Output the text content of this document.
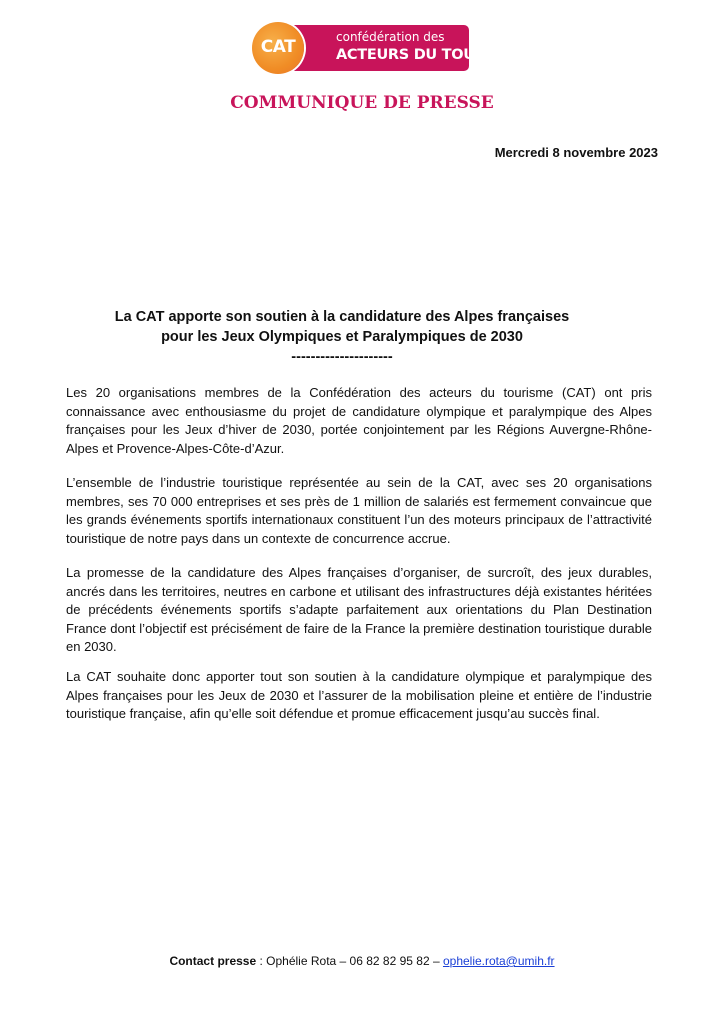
confédération des
ACTEURS DU TOURISME
CAT
COMMUNIQUE DE PRESSE
Mercredi 8 novembre 2023
La CAT apporte son soutien à la candidature des Alpes françaises
pour les Jeux Olympiques et Paralympiques de 2030
---------------------

Les 20 organisations membres de la Confédération des acteurs du tourisme (CAT) ont pris connaissance avec enthousiasme du projet de candidature olympique et paralympique des Alpes françaises pour les Jeux d’hiver de 2030, portée conjointement par les Régions Auvergne-Rhône-Alpes et Provence-Alpes-Côte-d’Azur.

L’ensemble de l’industrie touristique représentée au sein de la CAT, avec ses 20 organisations membres, ses 70 000 entreprises et ses près de 1 million de salariés est fermement convaincue que les grands événements sportifs internationaux constituent l’un des moteurs principaux de l’attractivité touristique de notre pays dans un contexte de concurrence accrue.

La promesse de la candidature des Alpes françaises d’organiser, de surcroît, des jeux durables, ancrés dans les territoires, neutres en carbone et utilisant des infrastructures déjà existantes héritées de précédents événements sportifs s’adapte parfaitement aux orientations du Plan Destination France dont l’objectif est précisément de faire de la France la première destination touristique durable en 2030.

La CAT souhaite donc apporter tout son soutien à la candidature olympique et paralympique des Alpes françaises pour les Jeux de 2030 et l’assurer de la mobilisation pleine et entière de l’industrie touristique française, afin qu’elle soit défendue et promue efficacement jusqu’au succès final.

Contact presse : Ophélie Rota – 06 82 82 95 82 – ophelie.rota@umih.fr
